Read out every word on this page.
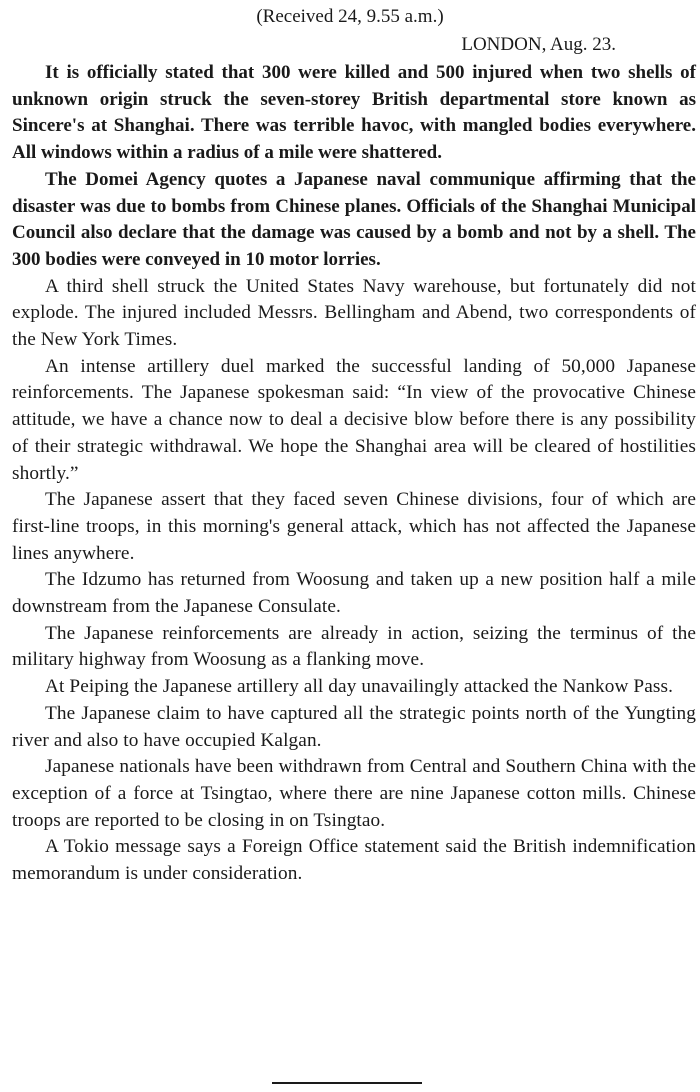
(Received 24, 9.55 a.m.)
LONDON, Aug. 23.

It is officially stated that 300 were killed and 500 injured when two shells of unknown origin struck the seven-storey British departmental store known as Sincere's at Shanghai. There was terrible havoc, with mangled bodies everywhere. All windows within a radius of a mile were shattered.

The Domei Agency quotes a Japanese naval communique affirming that the disaster was due to bombs from Chinese planes. Officials of the Shanghai Municipal Council also declare that the damage was caused by a bomb and not by a shell. The 300 bodies were conveyed in 10 motor lorries.

A third shell struck the United States Navy warehouse, but fortunately did not explode. The injured included Messrs. Bellingham and Abend, two correspondents of the New York Times.

An intense artillery duel marked the successful landing of 50,000 Japanese reinforcements. The Japanese spokesman said: “In view of the provocative Chinese attitude, we have a chance now to deal a decisive blow before there is any possibility of their strategic withdrawal. We hope the Shanghai area will be cleared of hostilities shortly.”

The Japanese assert that they faced seven Chinese divisions, four of which are first-line troops, in this morning's general attack, which has not affected the Japanese lines anywhere.

The Idzumo has returned from Woosung and taken up a new position half a mile downstream from the Japanese Consulate.

The Japanese reinforcements are already in action, seizing the terminus of the military highway from Woosung as a flanking move.

At Peiping the Japanese artillery all day unavailingly attacked the Nankow Pass.

The Japanese claim to have captured all the strategic points north of the Yungting river and also to have occupied Kalgan.

Japanese nationals have been withdrawn from Central and Southern China with the exception of a force at Tsingtao, where there are nine Japanese cotton mills. Chinese troops are reported to be closing in on Tsingtao.

A Tokio message says a Foreign Office statement said the British indemnification memorandum is under consideration.
